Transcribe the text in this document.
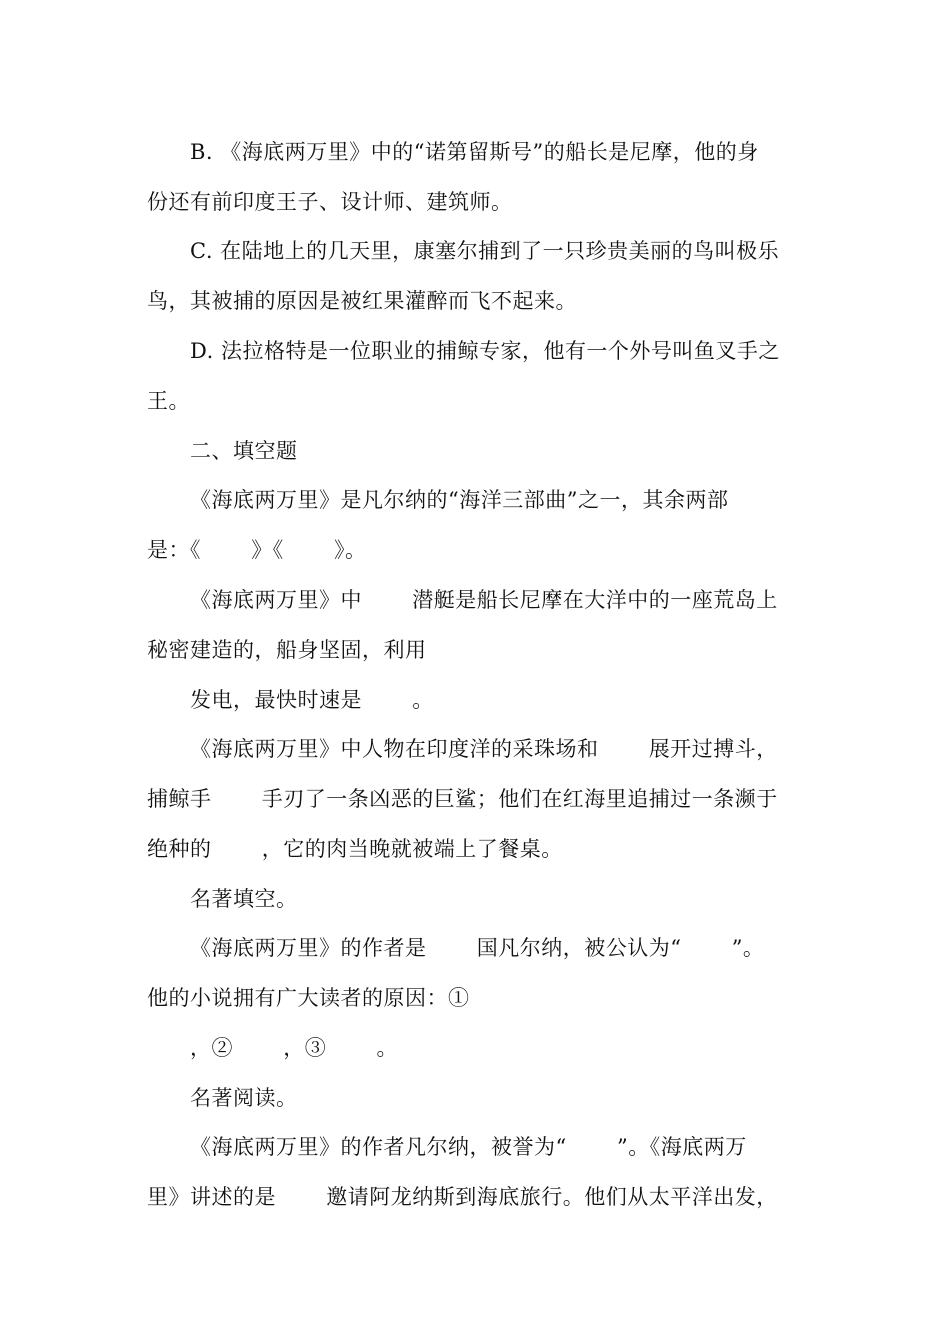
B. 《海底两万里》中的“诺第留斯号”的船长是尼摩，他的身
份还有前印度王子、设计师、建筑师。
C. 在陆地上的几天里，康塞尔捕到了一只珍贵美丽的鸟叫极乐
鸟，其被捕的原因是被红果灌醉而飞不起来。
D. 法拉格特是一位职业的捕鲸专家，他有一个外号叫鱼叉手之
王。
二、填空题
《海底两万里》是凡尔纳的“海洋三部曲”之一，其余两部
是：《       》《       》。
《海底两万里》中       潜艇是船长尼摩在大洋中的一座荒岛上
秘密建造的，船身坚固，利用
发电，最快时速是       。
《海底两万里》中人物在印度洋的采珠场和       展开过搏斗，
捕鲸手       手刃了一条凶恶的巨鲨；他们在红海里追捕过一条濒于
绝种的       ，它的肉当晚就被端上了餐桌。
名著填空。
《海底两万里》的作者是       国凡尔纳，被公认为“       ”。
他的小说拥有广大读者的原因：①
，②       ，③       。
名著阅读。
《海底两万里》的作者凡尔纳，被誉为“       ”。《海底两万
里》讲述的是       邀请阿龙纳斯到海底旅行。他们从太平洋出发，
